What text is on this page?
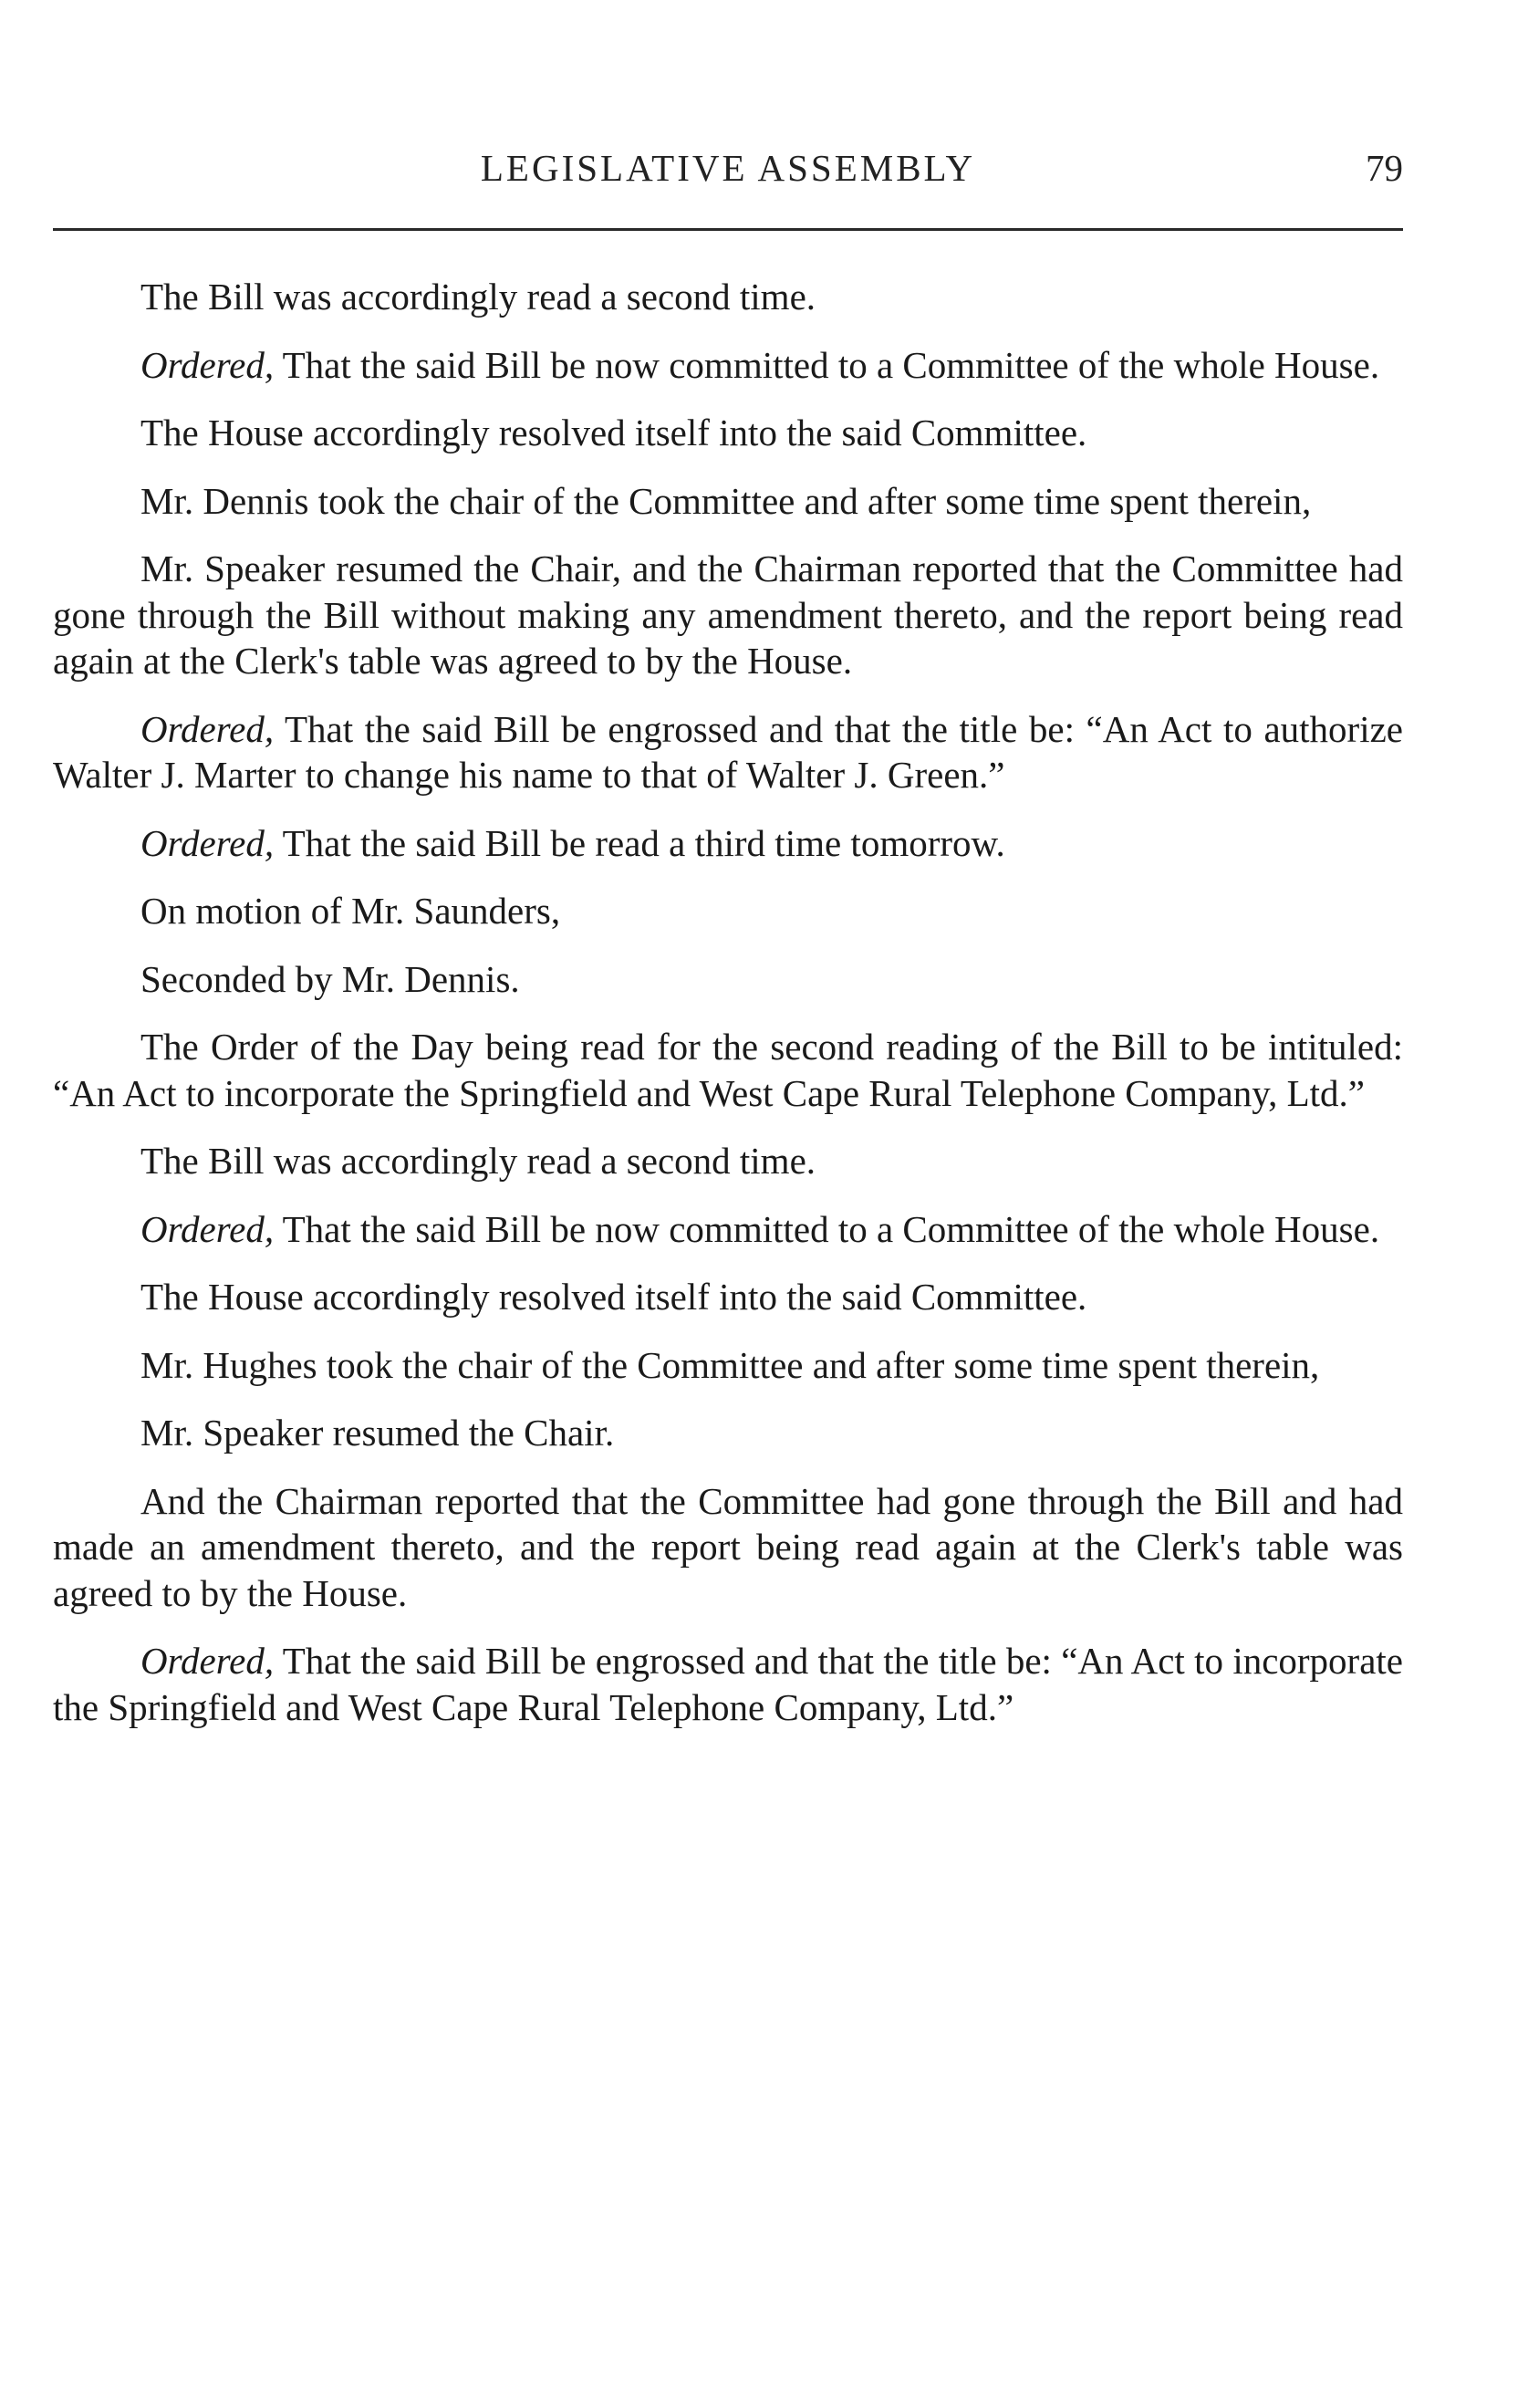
LEGISLATIVE ASSEMBLY	79

The Bill was accordingly read a second time.

Ordered, That the said Bill be now committed to a Committee of the whole House.

The House accordingly resolved itself into the said Committee.

Mr. Dennis took the chair of the Committee and after some time spent therein,

Mr. Speaker resumed the Chair, and the Chairman reported that the Committee had gone through the Bill without making any amendment thereto, and the report being read again at the Clerk's table was agreed to by the House.

Ordered, That the said Bill be engrossed and that the title be: “An Act to authorize Walter J. Marter to change his name to that of Walter J. Green.”

Ordered, That the said Bill be read a third time tomorrow.

On motion of Mr. Saunders,

Seconded by Mr. Dennis.

The Order of the Day being read for the second reading of the Bill to be intituled: “An Act to incorporate the Springfield and West Cape Rural Telephone Company, Ltd.”

The Bill was accordingly read a second time.

Ordered, That the said Bill be now committed to a Committee of the whole House.

The House accordingly resolved itself into the said Committee.

Mr. Hughes took the chair of the Committee and after some time spent therein,

Mr. Speaker resumed the Chair.

And the Chairman reported that the Committee had gone through the Bill and had made an amendment thereto, and the report being read again at the Clerk's table was agreed to by the House.

Ordered, That the said Bill be engrossed and that the title be: “An Act to incorporate the Springfield and West Cape Rural Telephone Company, Ltd.”
